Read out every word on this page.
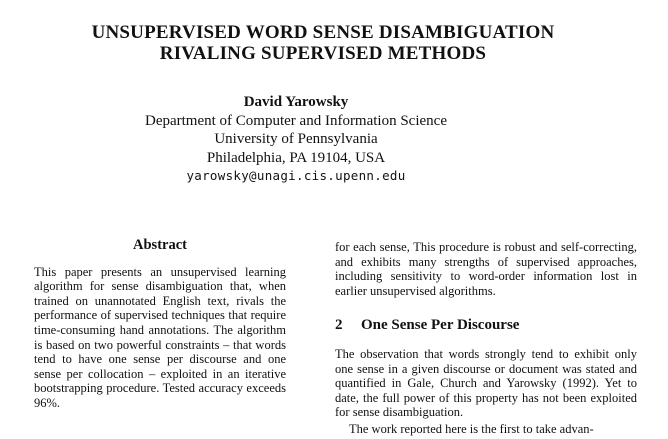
UNSUPERVISED WORD SENSE DISAMBIGUATION
RIVALING SUPERVISED METHODS
David Yarowsky
Department of Computer and Information Science
University of Pennsylvania
Philadelphia, PA 19104, USA
yarowsky@unagi.cis.upenn.edu
Abstract

This paper presents an unsupervised learning algorithm for sense disambiguation that, when trained on unannotated English text, rivals the performance of supervised techniques that require time-consuming hand annotations. The algorithm is based on two powerful constraints – that words tend to have one sense per discourse and one sense per collocation – exploited in an iterative bootstrapping procedure. Tested accuracy exceeds 96%.

for each sense, This procedure is robust and self-correcting, and exhibits many strengths of supervised approaches, including sensitivity to word-order information lost in earlier unsupervised algorithms.

2 One Sense Per Discourse

The observation that words strongly tend to exhibit only one sense in a given discourse or document was stated and quantified in Gale, Church and Yarowsky (1992). Yet to date, the full power of this property has not been exploited for sense disambiguation.

The work reported here is the first to take advan-
